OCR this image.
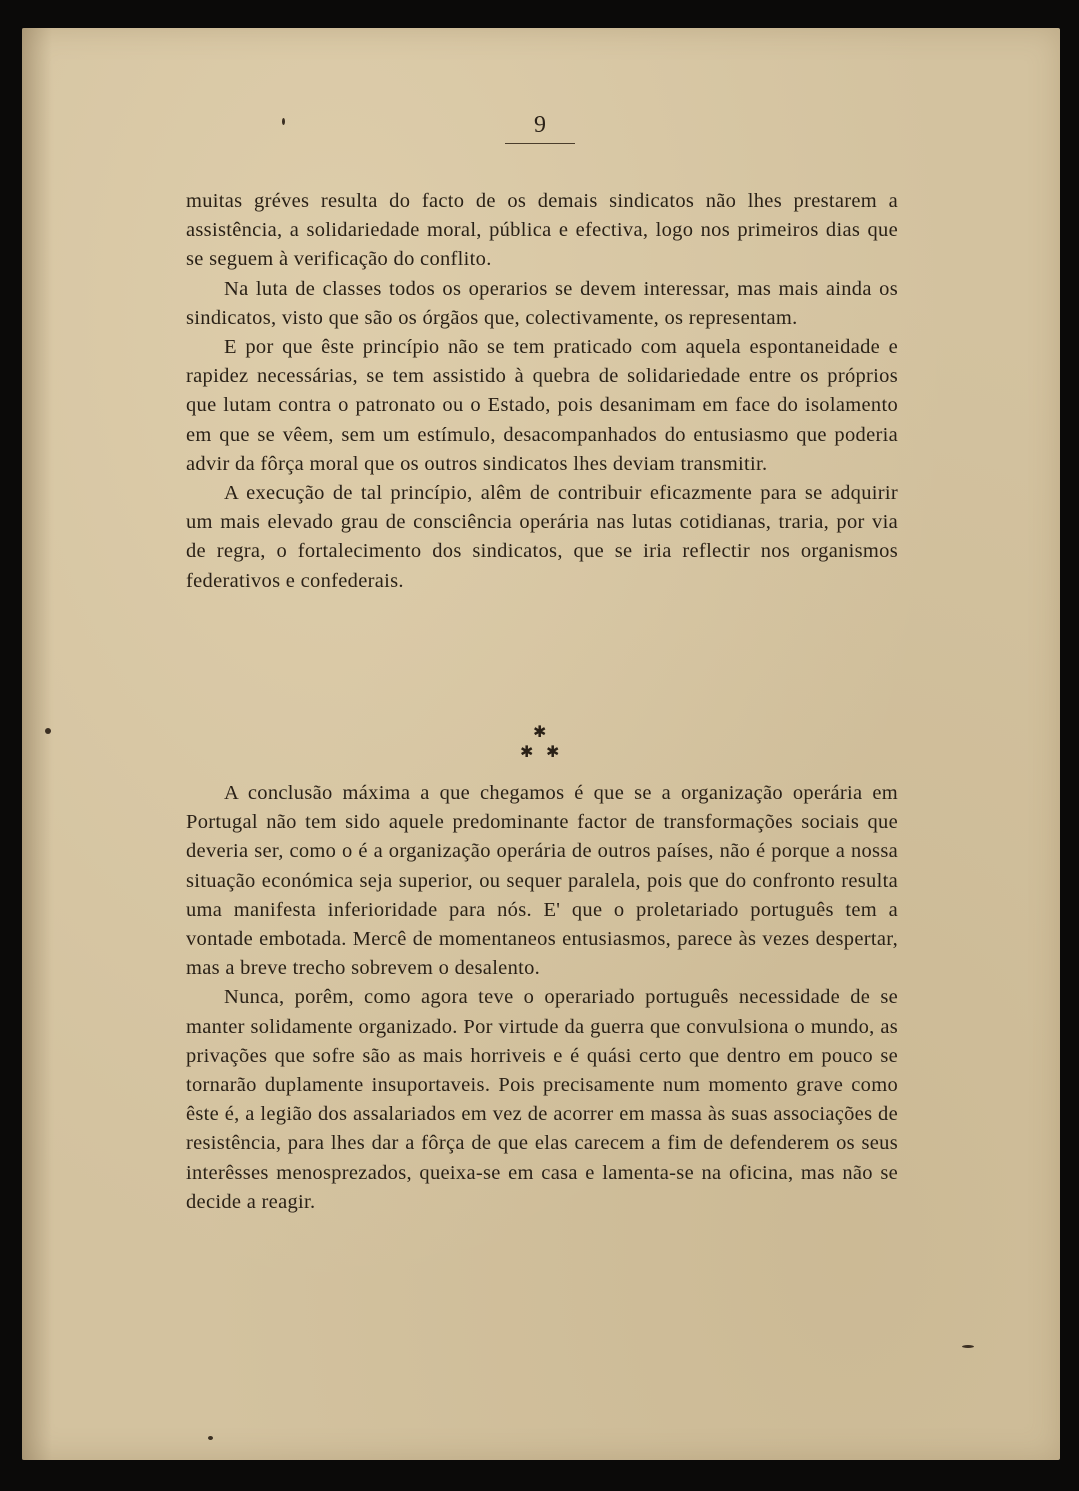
9

muitas gréves resulta do facto de os demais sindicatos não lhes prestarem a assistência, a solidariedade moral, pública e efectiva, logo nos primeiros dias que se seguem à verificação do conflito.

Na luta de classes todos os operarios se devem interessar, mas mais ainda os sindicatos, visto que são os órgãos que, colectivamente, os representam.

E por que êste princípio não se tem praticado com aquela espontaneidade e rapidez necessárias, se tem assistido à quebra de solidariedade entre os próprios que lutam contra o patronato ou o Estado, pois desanimam em face do isolamento em que se vêem, sem um estímulo, desacompanhados do entusiasmo que poderia advir da fôrça moral que os outros sindicatos lhes deviam transmitir.

A execução de tal princípio, alêm de contribuir eficazmente para se adquirir um mais elevado grau de consciência operária nas lutas cotidianas, traria, por via de regra, o fortalecimento dos sindicatos, que se iria reflectir nos organismos federativos e confederais.

✱
✱ ✱

A conclusão máxima a que chegamos é que se a organização operária em Portugal não tem sido aquele predominante factor de transformações sociais que deveria ser, como o é a organização operária de outros países, não é porque a nossa situação económica seja superior, ou sequer paralela, pois que do confronto resulta uma manifesta inferioridade para nós. E' que o proletariado português tem a vontade embotada. Mercê de momentaneos entusiasmos, parece às vezes despertar, mas a breve trecho sobrevem o desalento.

Nunca, porêm, como agora teve o operariado português necessidade de se manter solidamente organizado. Por virtude da guerra que convulsiona o mundo, as privações que sofre são as mais horriveis e é quási certo que dentro em pouco se tornarão duplamente insuportaveis. Pois precisamente num momento grave como êste é, a legião dos assalariados em vez de acorrer em massa às suas associações de resistência, para lhes dar a fôrça de que elas carecem a fim de defenderem os seus interêsses menosprezados, queixa-se em casa e lamenta-se na oficina, mas não se decide a reagir.
